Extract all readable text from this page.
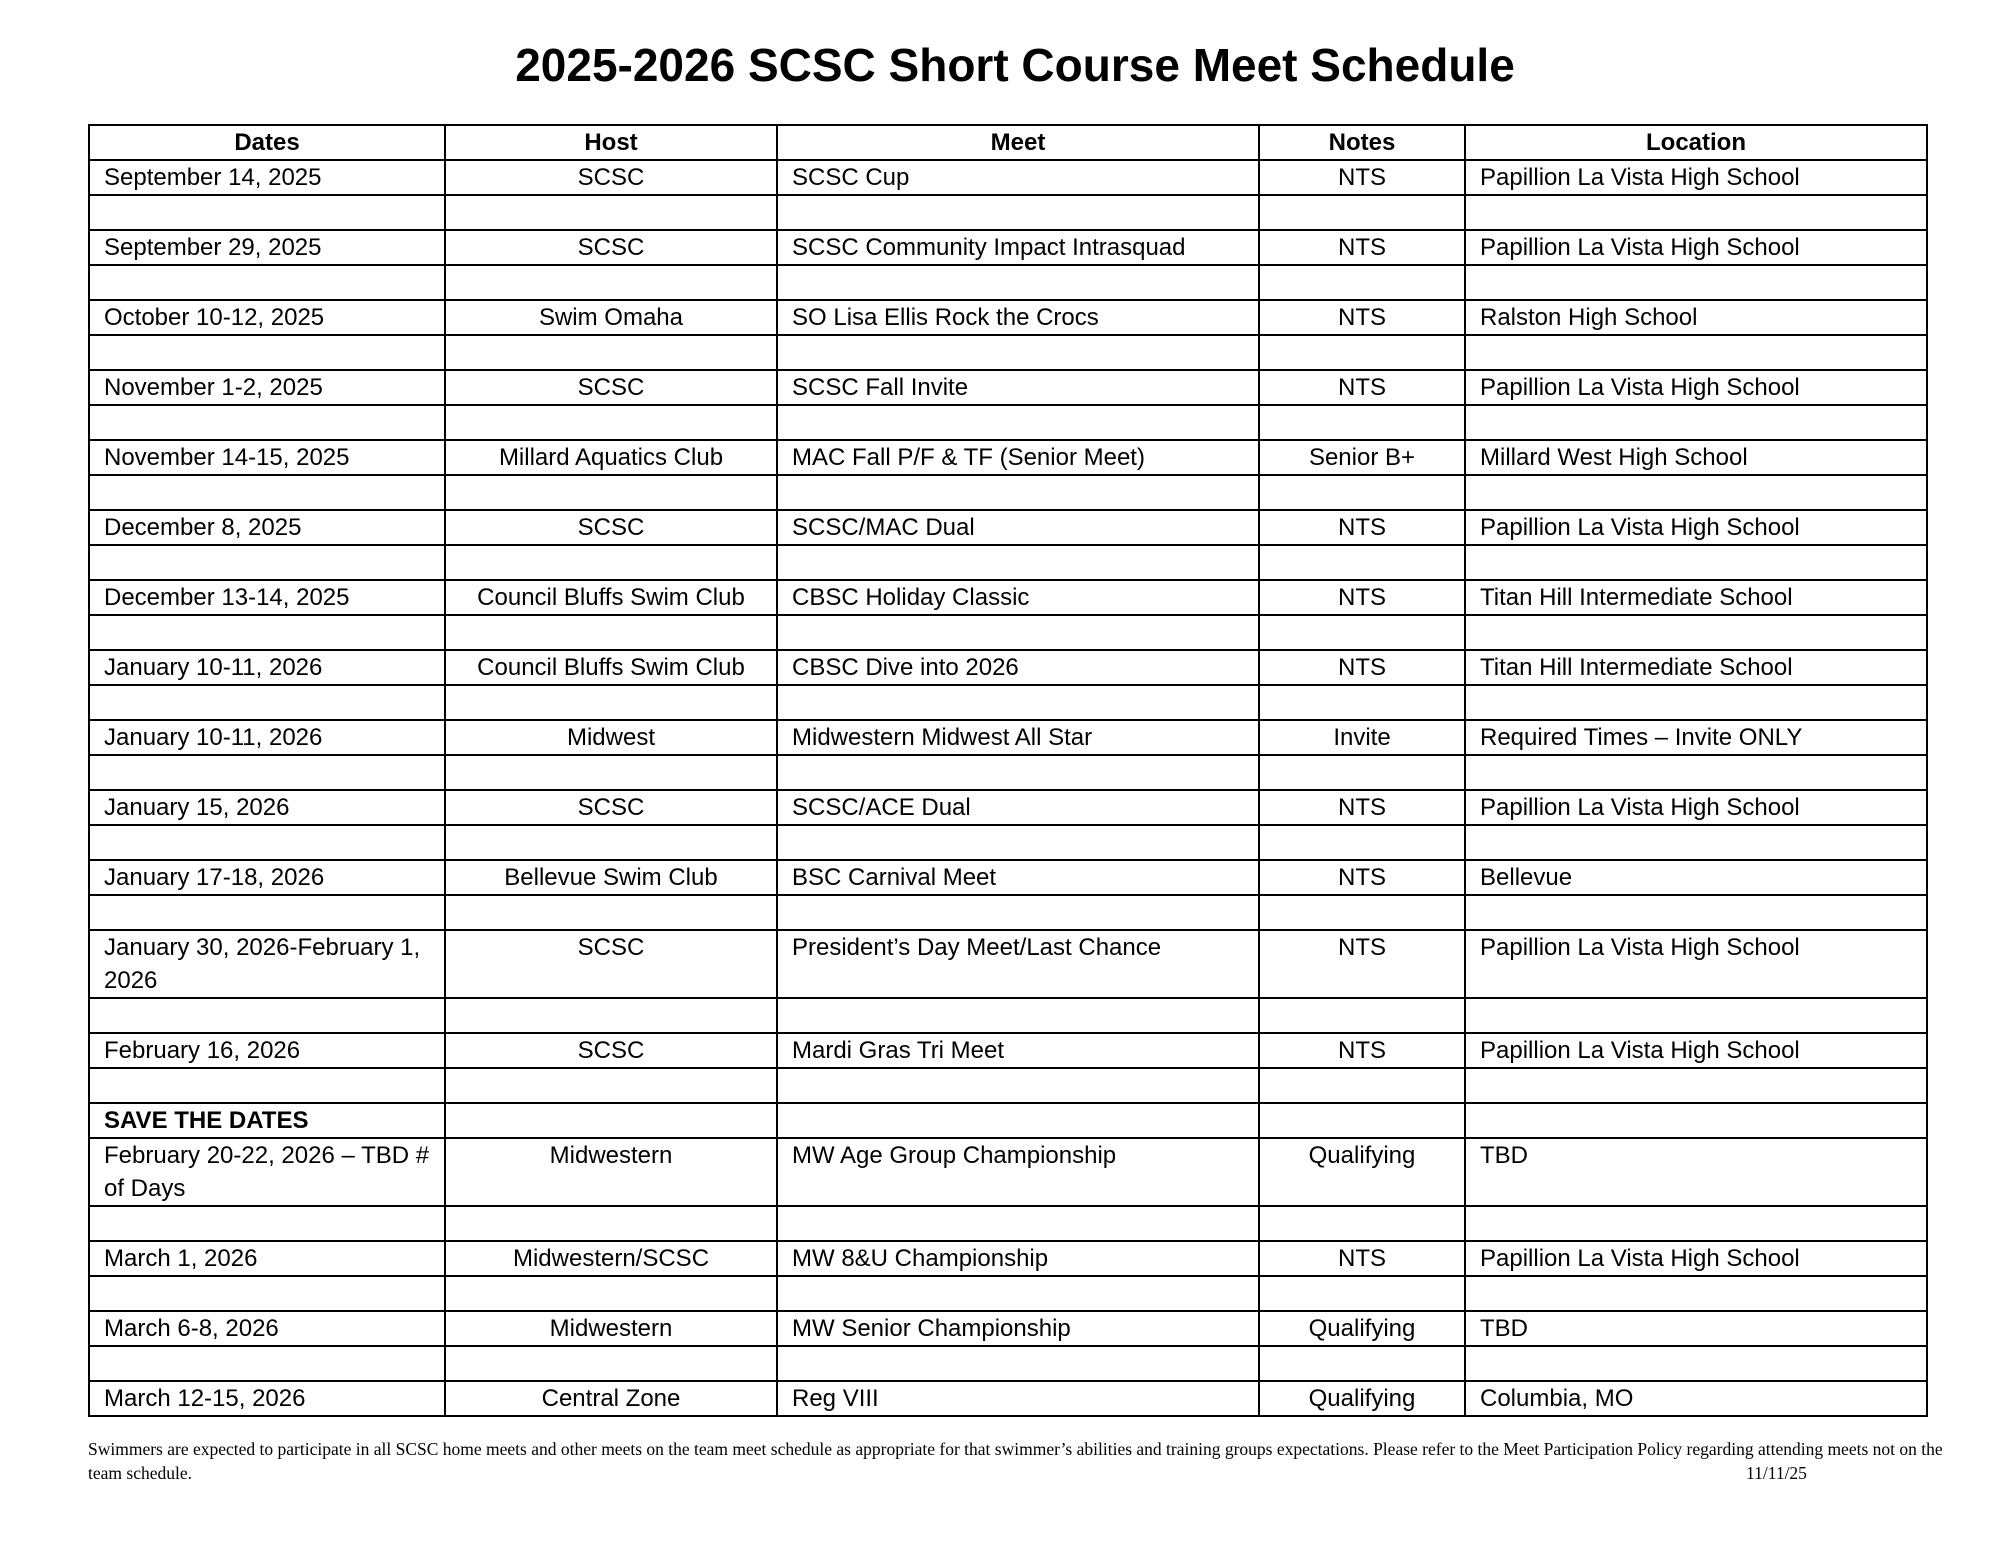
2025-2026 SCSC Short Course Meet Schedule
Dates	Host	Meet	Notes	Location
September 14, 2025	SCSC	SCSC Cup	NTS	Papillion La Vista High School

September 29, 2025	SCSC	SCSC Community Impact Intrasquad	NTS	Papillion La Vista High School

October 10-12, 2025	Swim Omaha	SO Lisa Ellis Rock the Crocs	NTS	Ralston High School

November 1-2, 2025	SCSC	SCSC Fall Invite	NTS	Papillion La Vista High School

November 14-15, 2025	Millard Aquatics Club	MAC Fall P/F & TF (Senior Meet)	Senior B+	Millard West High School

December 8, 2025	SCSC	SCSC/MAC Dual	NTS	Papillion La Vista High School

December 13-14, 2025	Council Bluffs Swim Club	CBSC Holiday Classic	NTS	Titan Hill Intermediate School

January 10-11, 2026	Council Bluffs Swim Club	CBSC Dive into 2026	NTS	Titan Hill Intermediate School

January 10-11, 2026	Midwest	Midwestern Midwest All Star	Invite	Required Times – Invite ONLY

January 15, 2026	SCSC	SCSC/ACE Dual	NTS	Papillion La Vista High School

January 17-18, 2026	Bellevue Swim Club	BSC Carnival Meet	NTS	Bellevue

January 30, 2026-February 1, 2026	SCSC	President’s Day Meet/Last Chance	NTS	Papillion La Vista High School

February 16, 2026	SCSC	Mardi Gras Tri Meet	NTS	Papillion La Vista High School

SAVE THE DATES				
February 20-22, 2026 – TBD # of Days	Midwestern	MW Age Group Championship	Qualifying	TBD

March 1, 2026	Midwestern/SCSC	MW 8&U Championship	NTS	Papillion La Vista High School

March 6-8, 2026	Midwestern	MW Senior Championship	Qualifying	TBD

March 12-15, 2026	Central Zone	Reg VIII	Qualifying	Columbia, MO
Swimmers are expected to participate in all SCSC home meets and other meets on the team meet schedule as appropriate for that swimmer’s abilities and training groups expectations. Please refer to the Meet Participation Policy regarding attending meets not on the team schedule.	11/11/25
